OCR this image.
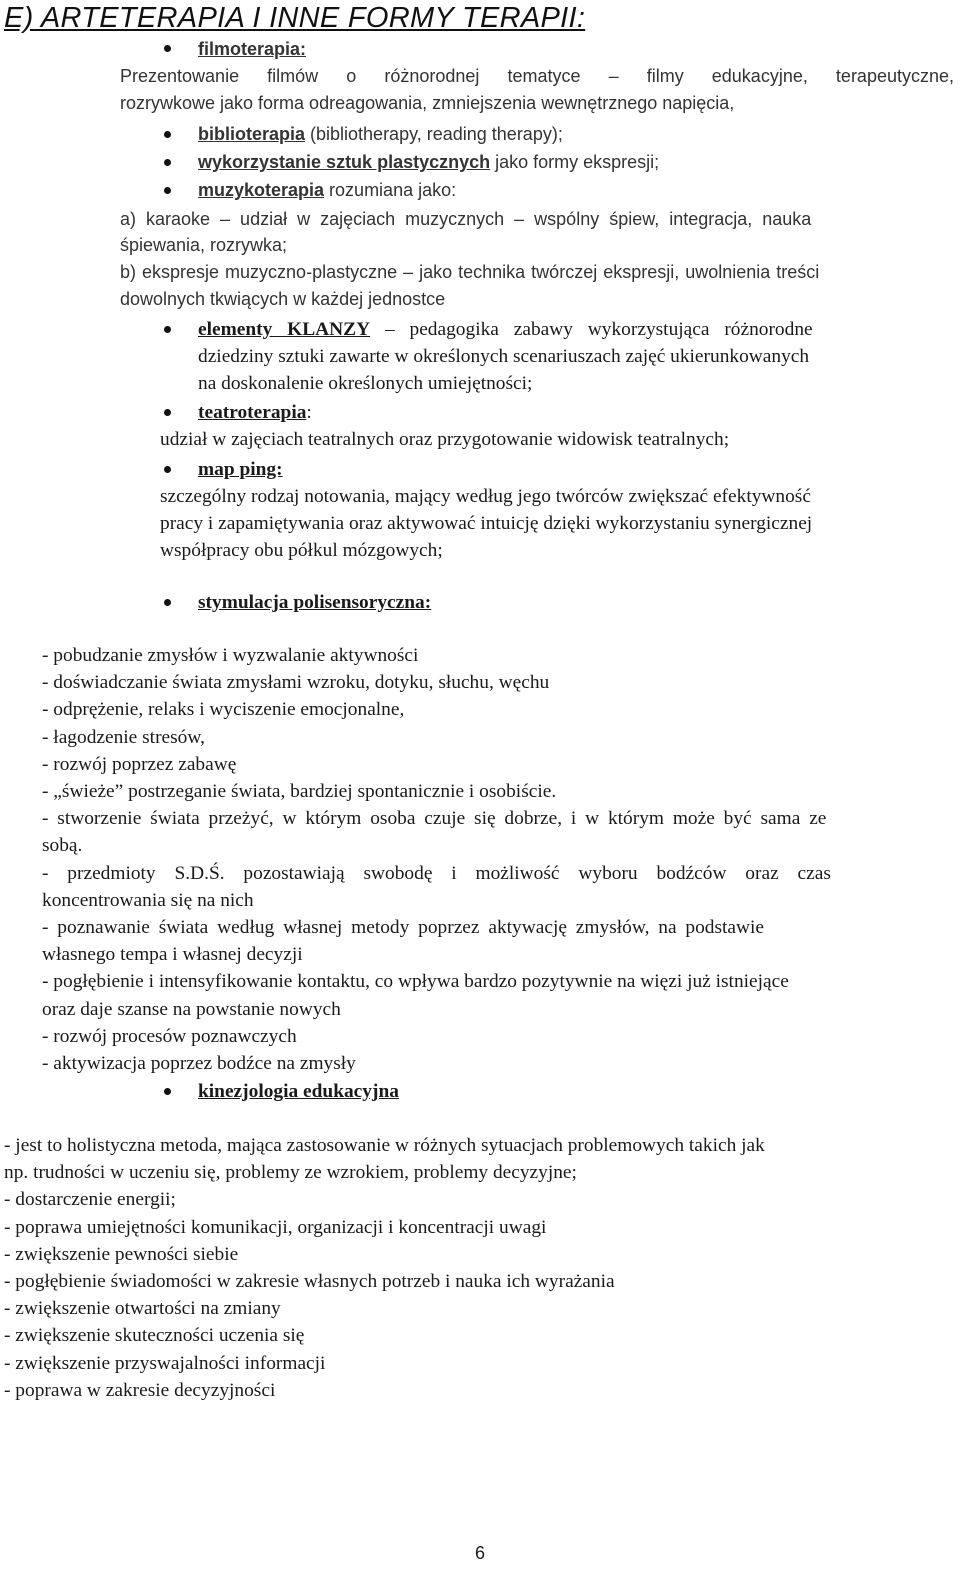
E) ARTETERAPIA I INNE FORMY TERAPII:
filmoterapia:
Prezentowanie filmów o różnorodnej tematyce – filmy edukacyjne, terapeutyczne,
rozrywkowe jako forma odreagowania, zmniejszenia wewnętrznego napięcia,
biblioterapia (bibliotherapy, reading therapy);
wykorzystanie sztuk plastycznych jako formy ekspresji;
muzykoterapia rozumiana jako:
a) karaoke – udział w zajęciach muzycznych – wspólny śpiew, integracja, nauka
śpiewania, rozrywka;
b) ekspresje muzyczno-plastyczne – jako technika twórczej ekspresji, uwolnienia treści
dowolnych tkwiących w każdej jednostce
elementy KLANZY – pedagogika zabawy wykorzystująca różnorodne
dziedziny sztuki zawarte w określonych scenariuszach zajęć ukierunkowanych
na doskonalenie określonych umiejętności;
teatroterapia:
udział w zajęciach teatralnych oraz przygotowanie widowisk teatralnych;
map ping:
szczególny rodzaj notowania, mający według jego twórców zwiększać efektywność
pracy i zapamiętywania oraz aktywować intuicję dzięki wykorzystaniu synergicznej
współpracy obu półkul mózgowych;
stymulacja polisensoryczna:
- pobudzanie zmysłów i wyzwalanie aktywności
- doświadczanie świata zmysłami wzroku, dotyku, słuchu, węchu
- odprężenie, relaks i wyciszenie emocjonalne,
- łagodzenie stresów,
- rozwój poprzez zabawę
- „świeże” postrzeganie świata, bardziej spontanicznie i osobiście.
- stworzenie świata przeżyć, w którym osoba czuje się dobrze, i w którym może być sama ze
sobą.
- przedmioty S.D.Ś. pozostawiają swobodę i możliwość wyboru bodźców oraz czas
koncentrowania się na nich
- poznawanie świata według własnej metody poprzez aktywację zmysłów, na podstawie
własnego tempa i własnej decyzji
- pogłębienie i intensyfikowanie kontaktu, co wpływa bardzo pozytywnie na więzi już istniejące
oraz daje szanse na powstanie nowych
- rozwój procesów poznawczych
- aktywizacja poprzez bodźce na zmysły
kinezjologia edukacyjna
- jest to holistyczna metoda, mająca zastosowanie w różnych sytuacjach problemowych takich jak
np. trudności w uczeniu się, problemy ze wzrokiem, problemy decyzyjne;
- dostarczenie energii;
- poprawa umiejętności komunikacji, organizacji i koncentracji uwagi
- zwiększenie pewności siebie
- pogłębienie świadomości w zakresie własnych potrzeb i nauka ich wyrażania
- zwiększenie otwartości na zmiany
- zwiększenie skuteczności uczenia się
- zwiększenie przyswajalności informacji
- poprawa w zakresie decyzyjności
6
